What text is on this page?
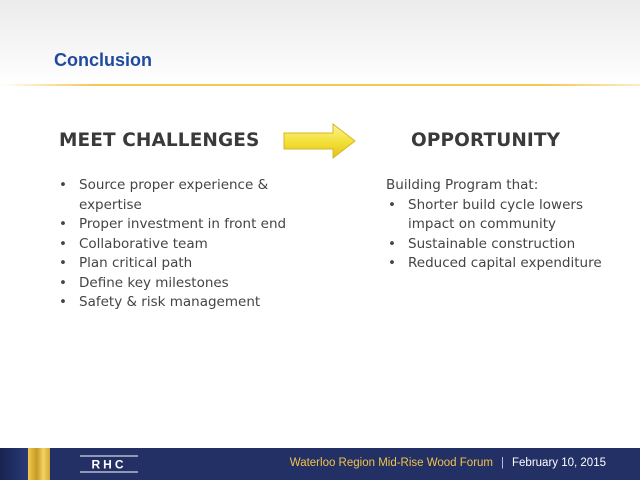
Conclusion
MEET CHALLENGES	OPPORTUNITY
• Source proper experience & expertise
• Proper investment in front end
• Collaborative team
• Plan critical path
• Define key milestones
• Safety & risk management
Building Program that:
• Shorter build cycle lowers impact on community
• Sustainable construction
• Reduced capital expenditure
RHC	Waterloo Region Mid-Rise Wood Forum | February 10, 2015
